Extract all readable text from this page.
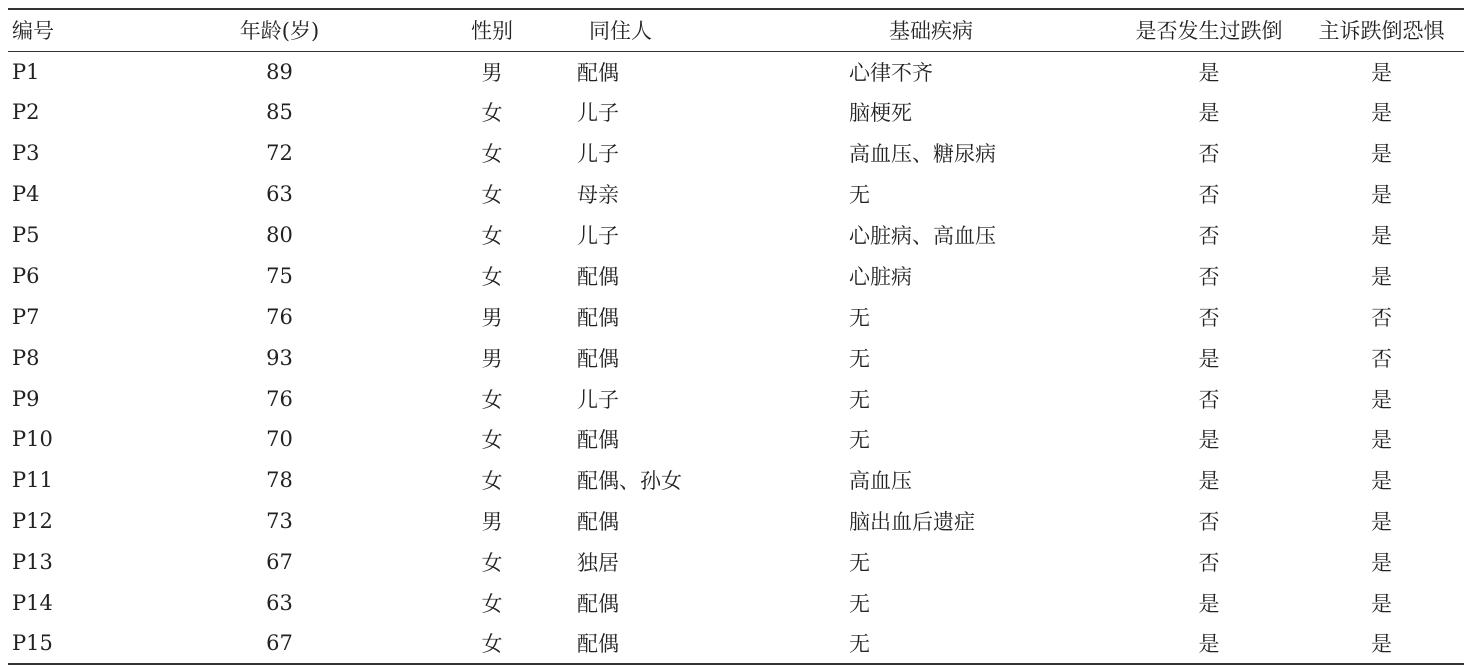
编号	年龄(岁)	性别	同住人	基础疾病	是否发生过跌倒	主诉跌倒恐惧
P1	89	男	配偶	心律不齐	是	是
P2	85	女	儿子	脑梗死	是	是
P3	72	女	儿子	高血压、糖尿病	否	是
P4	63	女	母亲	无	否	是
P5	80	女	儿子	心脏病、高血压	否	是
P6	75	女	配偶	心脏病	否	是
P7	76	男	配偶	无	否	否
P8	93	男	配偶	无	是	否
P9	76	女	儿子	无	否	是
P10	70	女	配偶	无	是	是
P11	78	女	配偶、孙女	高血压	是	是
P12	73	男	配偶	脑出血后遗症	否	是
P13	67	女	独居	无	否	是
P14	63	女	配偶	无	是	是
P15	67	女	配偶	无	是	是
